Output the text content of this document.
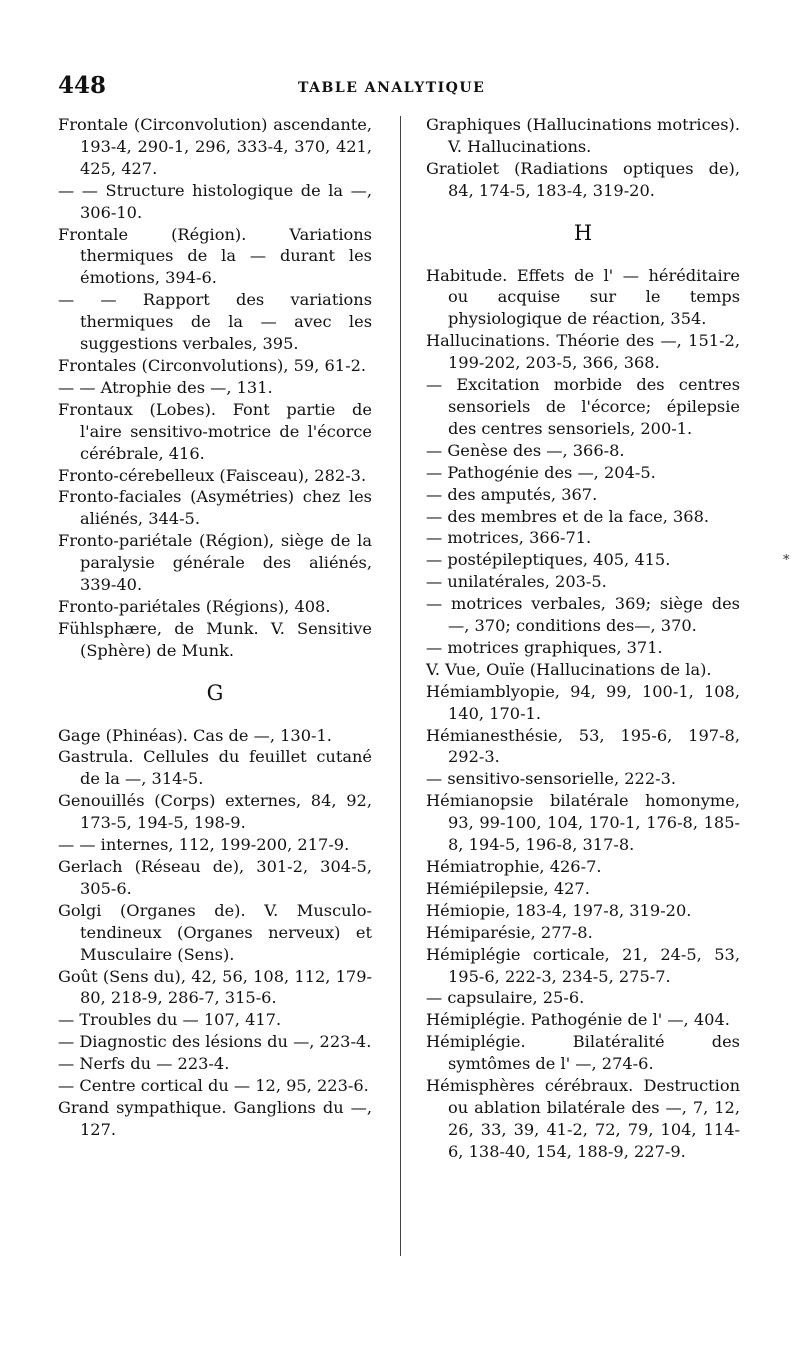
448	TABLE ANALYTIQUE

Frontale (Circonvolution) ascendante, 193-4, 290-1, 296, 333-4, 370, 421, 425, 427.

— — Structure histologique de la —, 306-10.

Frontale (Région). Variations thermiques de la — durant les émotions, 394-6.

— — Rapport des variations thermiques de la — avec les suggestions verbales, 395.

Frontales (Circonvolutions), 59, 61-2.

— — Atrophie des —, 131.

Frontaux (Lobes). Font partie de l'aire sensitivo-motrice de l'écorce cérébrale, 416.

Fronto-cérebelleux (Faisceau), 282-3.

Fronto-faciales (Asymétries) chez les aliénés, 344-5.

Fronto-pariétale (Région), siège de la paralysie générale des aliénés, 339-40.

Fronto-pariétales (Régions), 408.

Fühlsphære, de Munk. V. Sensitive (Sphère) de Munk.

G

Gage (Phinéas). Cas de —, 130-1.

Gastrula. Cellules du feuillet cutané de la —, 314-5.

Genouillés (Corps) externes, 84, 92, 173-5, 194-5, 198-9.

— — internes, 112, 199-200, 217-9.

Gerlach (Réseau de), 301-2, 304-5, 305-6.

Golgi (Organes de). V. Musculo-tendineux (Organes nerveux) et Musculaire (Sens).

Goût (Sens du), 42, 56, 108, 112, 179-80, 218-9, 286-7, 315-6.

— Troubles du — 107, 417.

— Diagnostic des lésions du —, 223-4.

— Nerfs du — 223-4.

— Centre cortical du — 12, 95, 223-6.

Grand sympathique. Ganglions du —, 127.

Graphiques (Hallucinations motrices). V. Hallucinations.

Gratiolet (Radiations optiques de), 84, 174-5, 183-4, 319-20.

H

Habitude. Effets de l' — héréditaire ou acquise sur le temps physiologique de réaction, 354.

Hallucinations. Théorie des —, 151-2, 199-202, 203-5, 366, 368.

— Excitation morbide des centres sensoriels de l'écorce; épilepsie des centres sensoriels, 200-1.

— Genèse des —, 366-8.

— Pathogénie des —, 204-5.

— des amputés, 367.

— des membres et de la face, 368.

— motrices, 366-71.

— postépileptiques, 405, 415.

— unilatérales, 203-5.

— motrices verbales, 369; siège des —, 370; conditions des—, 370.

— motrices graphiques, 371.

V. Vue, Ouïe (Hallucinations de la).

Hémiamblyopie, 94, 99, 100-1, 108, 140, 170-1.

Hémianesthésie, 53, 195-6, 197-8, 292-3.

— sensitivo-sensorielle, 222-3.

Hémianopsie bilatérale homonyme, 93, 99-100, 104, 170-1, 176-8, 185-8, 194-5, 196-8, 317-8.

Hémiatrophie, 426-7.

Hémiépilepsie, 427.

Hémiopie, 183-4, 197-8, 319-20.

Hémiparésie, 277-8.

Hémiplégie corticale, 21, 24-5, 53, 195-6, 222-3, 234-5, 275-7.

— capsulaire, 25-6.

Hémiplégie. Pathogénie de l' —, 404.

Hémiplégie. Bilatéralité des symtômes de l' —, 274-6.

Hémisphères cérébraux. Destruction ou ablation bilatérale des —, 7, 12, 26, 33, 39, 41-2, 72, 79, 104, 114-6, 138-40, 154, 188-9, 227-9.

*
